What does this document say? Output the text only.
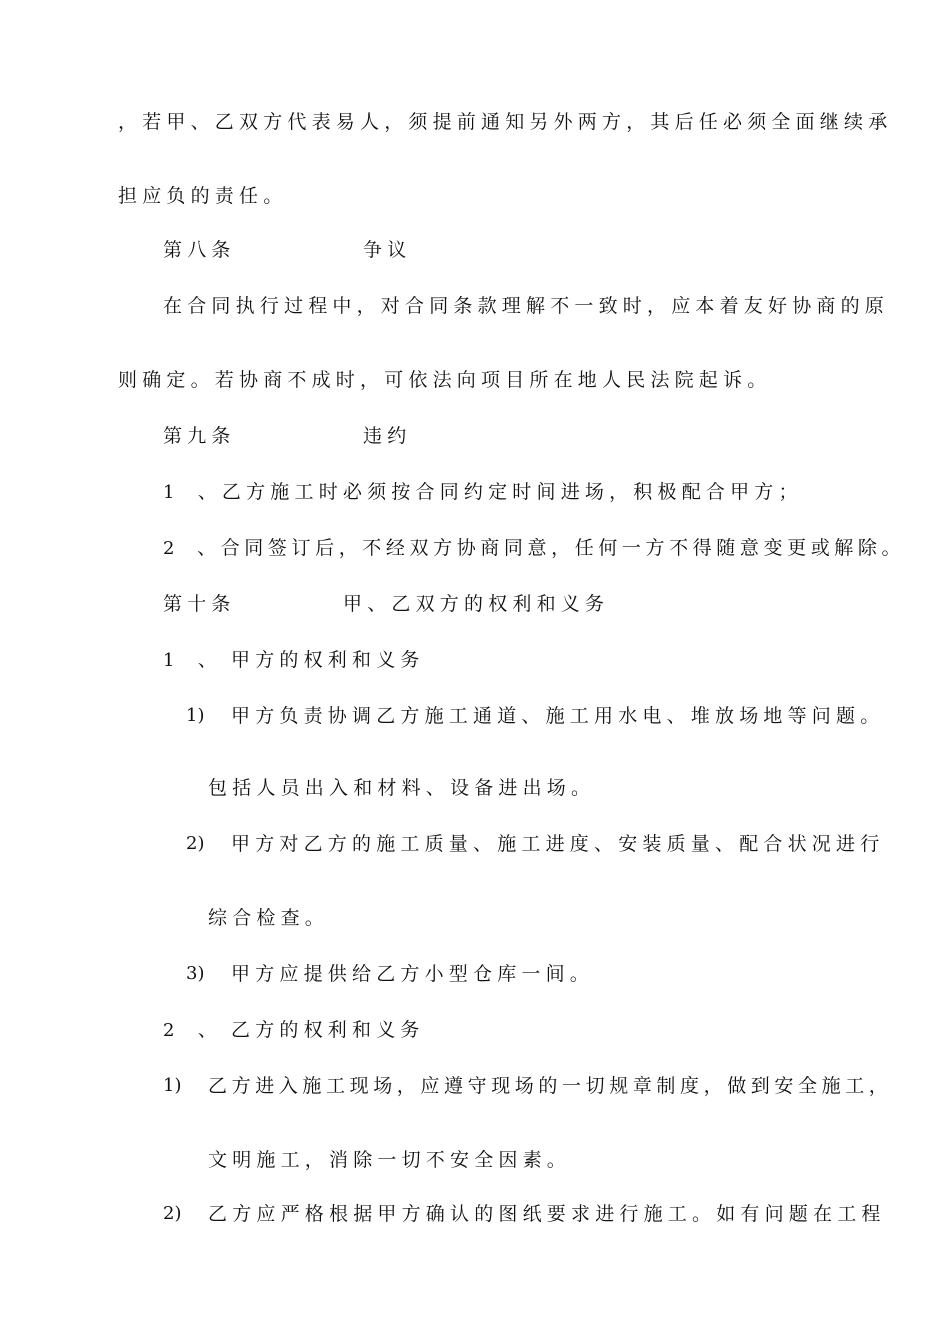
，若甲、乙双方代表易人，须提前通知另外两方，其后任必须全面继续承
担应负的责任。
第八条	争议
在合同执行过程中，对合同条款理解不一致时，应本着友好协商的原
则确定。若协商不成时，可依法向项目所在地人民法院起诉。
第九条	违约
1 、乙方施工时必须按合同约定时间进场，积极配合甲方；
2 、合同签订后，不经双方协商同意，任何一方不得随意变更或解除。
第十条	甲、乙双方的权利和义务
1 、 甲方的权利和义务
1) 甲方负责协调乙方施工通道、施工用水电、堆放场地等问题。
包括人员出入和材料、设备进出场。
2) 甲方对乙方的施工质量、施工进度、安装质量、配合状况进行
综合检查。
3) 甲方应提供给乙方小型仓库一间。
2 、 乙方的权利和义务
1) 乙方进入施工现场，应遵守现场的一切规章制度，做到安全施工，
文明施工，消除一切不安全因素。
2) 乙方应严格根据甲方确认的图纸要求进行施工。如有问题在工程
